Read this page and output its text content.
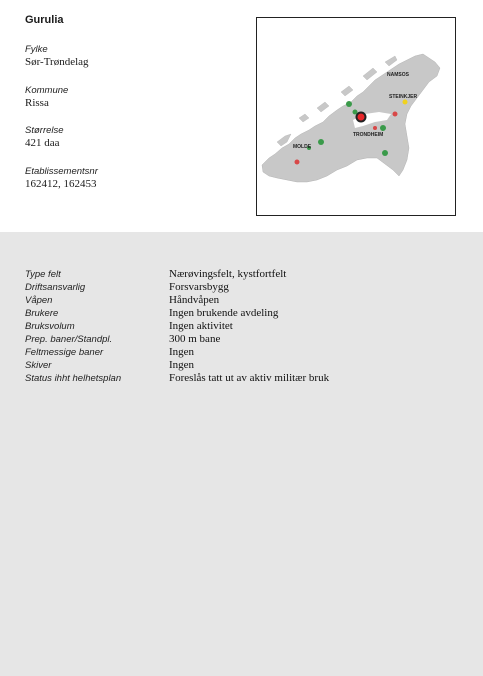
Gurulia
Fylke
Sør-Trøndelag
Kommune
Rissa
Størrelse
421 daa
Etablissementsnr
162412, 162453
NAMSOS
STEINKJER
TRONDHEIM
MOLDE
Type felt	Nærøvingsfelt, kystfortfelt
Driftsansvarlig	Forsvarsbygg
Våpen	Håndvåpen
Brukere	Ingen brukende avdeling
Bruksvolum	Ingen aktivitet
Prep. baner/Standpl.	300 m bane
Feltmessige baner	Ingen
Skiver	Ingen
Status ihht helhetsplan	Foreslås tatt ut av aktiv militær bruk
